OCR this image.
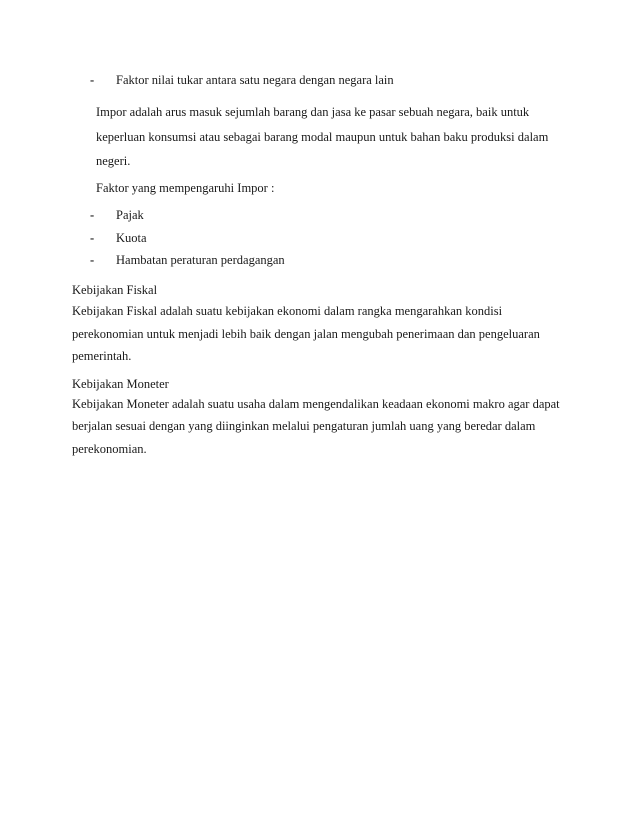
- Faktor nilai tukar antara satu negara dengan negara lain
Impor adalah arus masuk sejumlah barang dan jasa ke pasar sebuah negara, baik untuk
keperluan konsumsi atau sebagai barang modal maupun untuk bahan baku produksi dalam
negeri.
Faktor yang mempengaruhi Impor :
- Pajak
- Kuota
- Hambatan peraturan perdagangan
Kebijakan Fiskal
Kebijakan Fiskal adalah suatu kebijakan ekonomi dalam rangka mengarahkan kondisi
perekonomian untuk menjadi lebih baik dengan jalan mengubah penerimaan dan pengeluaran
pemerintah.
Kebijakan Moneter
Kebijakan Moneter adalah suatu usaha dalam mengendalikan keadaan ekonomi makro agar dapat
berjalan sesuai dengan yang diinginkan melalui pengaturan jumlah uang yang beredar dalam
perekonomian.
